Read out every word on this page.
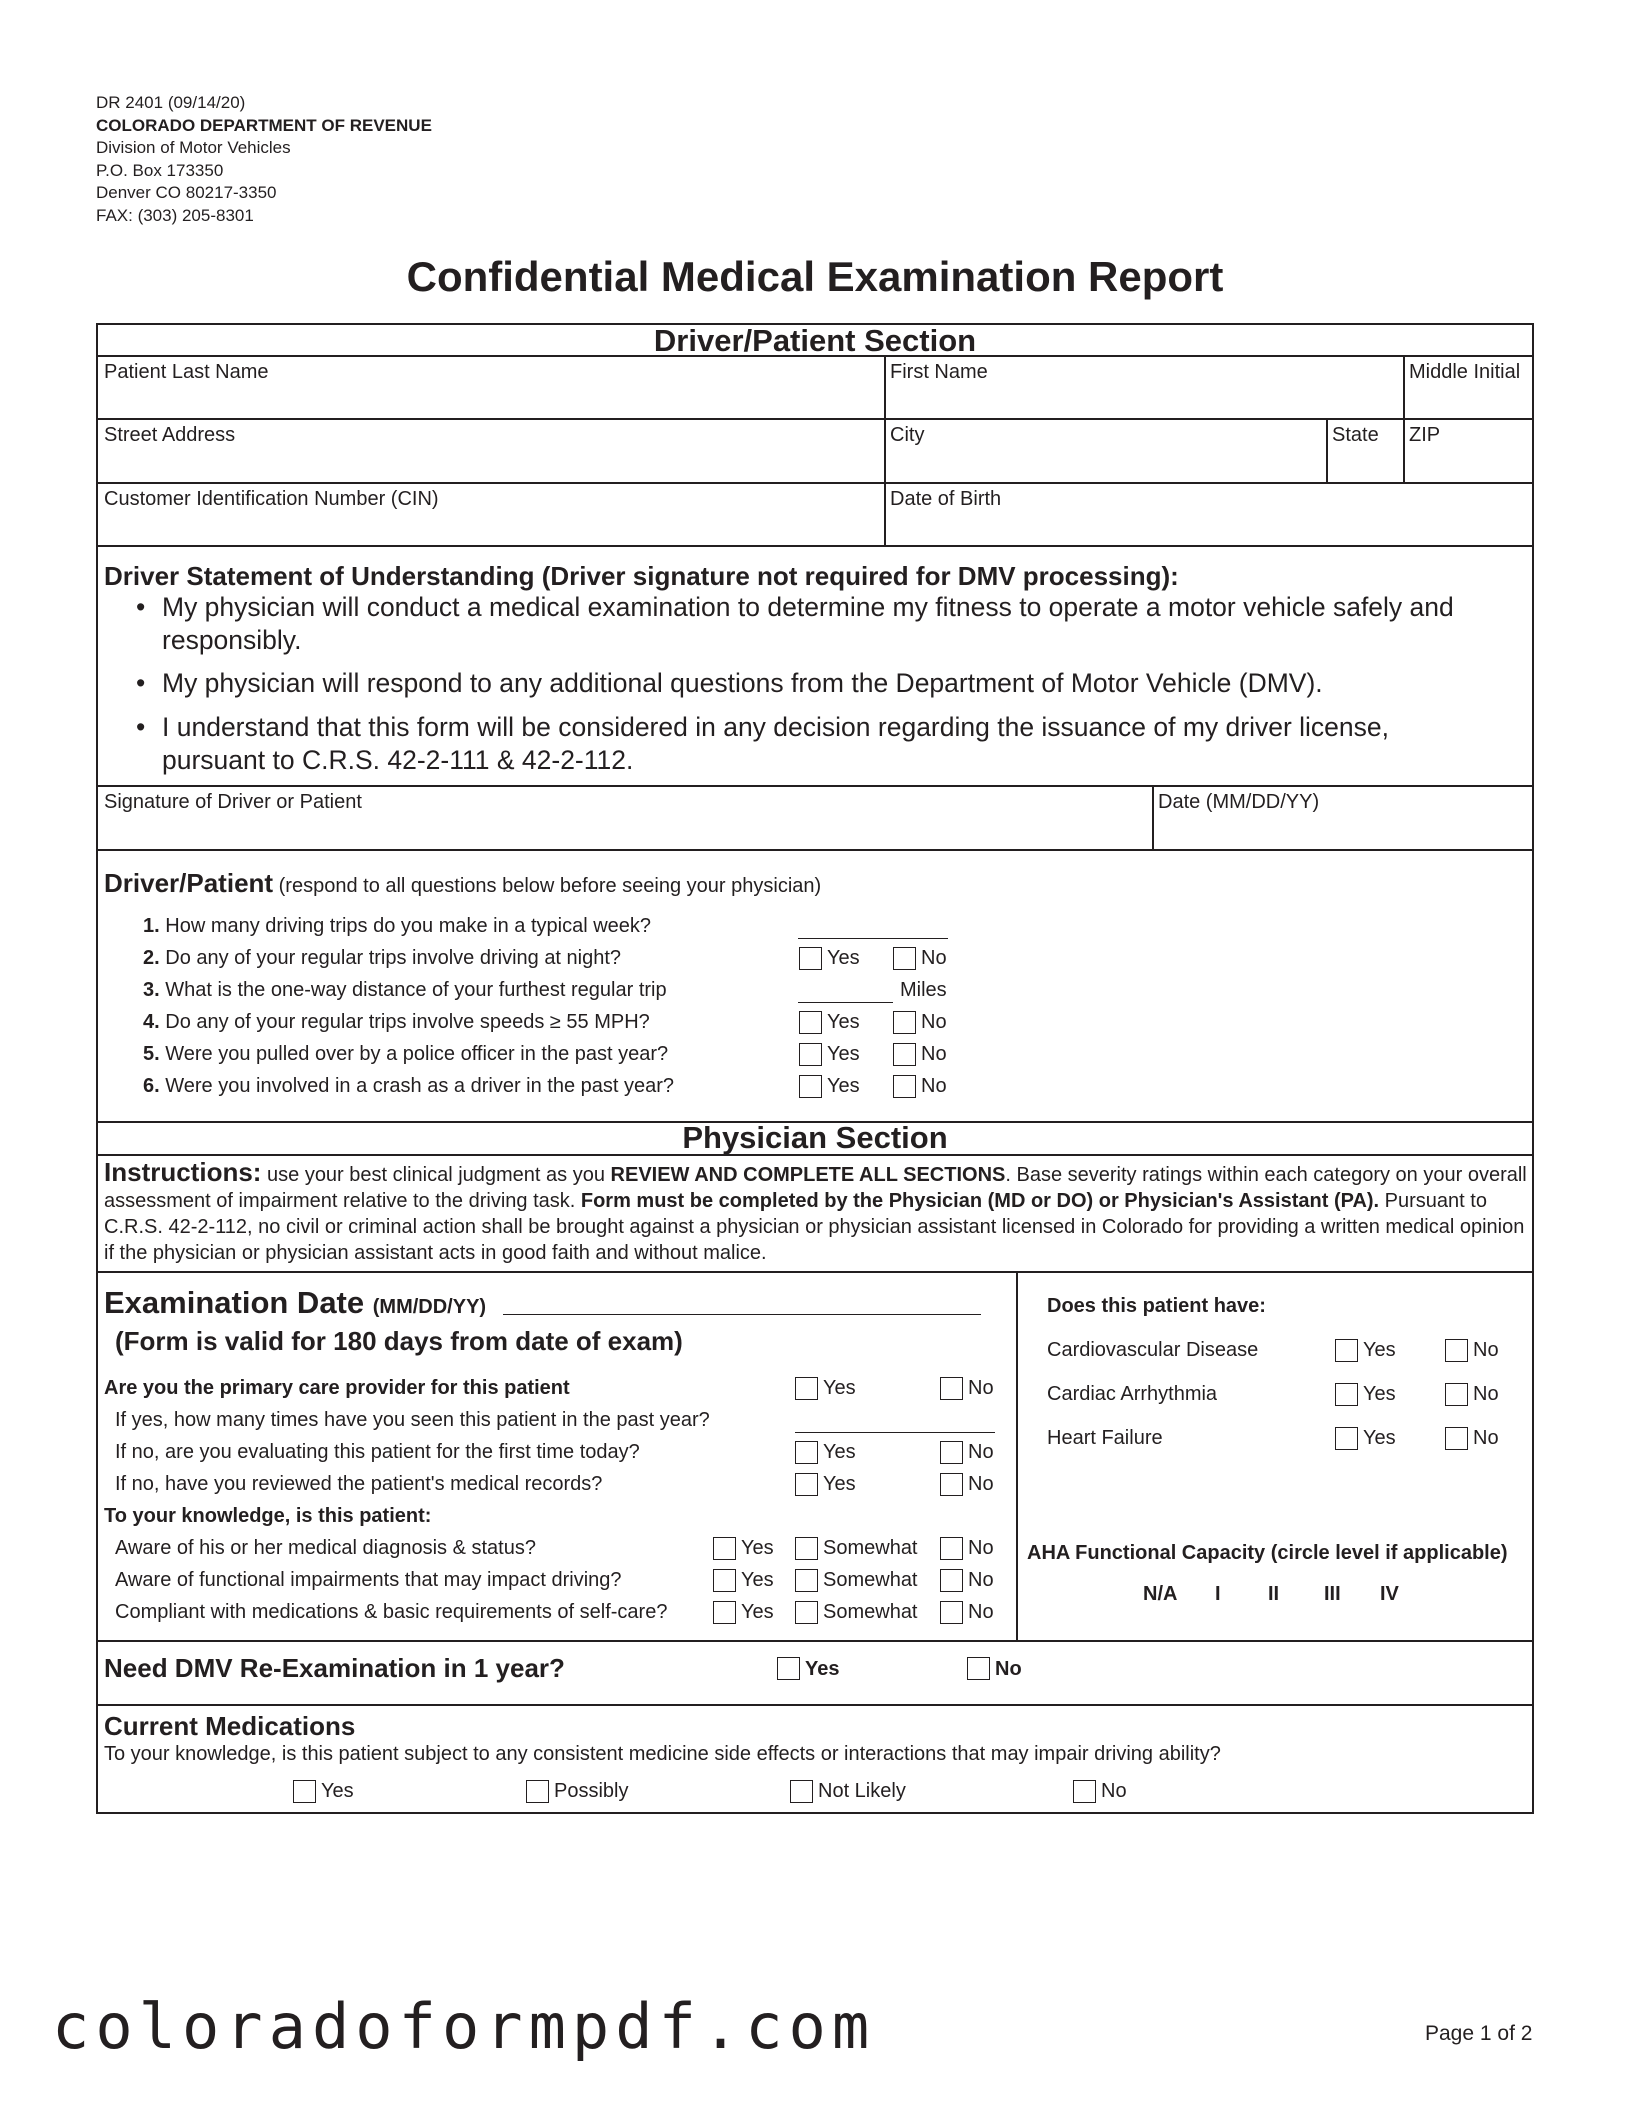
DR 2401 (09/14/20)
COLORADO DEPARTMENT OF REVENUE
Division of Motor Vehicles
P.O. Box 173350
Denver CO 80217-3350
FAX: (303) 205-8301
Confidential Medical Examination Report
Driver/Patient Section
Patient Last Name	First Name	Middle Initial
Street Address	City	State ZIP
Customer Identification Number (CIN)	Date of Birth
Driver Statement of Understanding (Driver signature not required for DMV processing):
• My physician will conduct a medical examination to determine my fitness to operate a motor vehicle safely and responsibly.
• My physician will respond to any additional questions from the Department of Motor Vehicle (DMV).
• I understand that this form will be considered in any decision regarding the issuance of my driver license, pursuant to C.R.S. 42-2-111 & 42-2-112.
Signature of Driver or Patient	Date (MM/DD/YY)
Driver/Patient (respond to all questions below before seeing your physician)
1. How many driving trips do you make in a typical week?
2. Do any of your regular trips involve driving at night?	Yes	No
3. What is the one-way distance of your furthest regular trip	Miles
4. Do any of your regular trips involve speeds ≥ 55 MPH?	Yes	No
5. Were you pulled over by a police officer in the past year?	Yes	No
6. Were you involved in a crash as a driver in the past year?	Yes	No
Physician Section
Instructions: use your best clinical judgment as you REVIEW AND COMPLETE ALL SECTIONS. Base severity ratings within each category on your overall assessment of impairment relative to the driving task. Form must be completed by the Physician (MD or DO) or Physician's Assistant (PA). Pursuant to C.R.S. 42-2-112, no civil or criminal action shall be brought against a physician or physician assistant licensed in Colorado for providing a written medical opinion if the physician or physician assistant acts in good faith and without malice.
Examination Date (MM/DD/YY)
(Form is valid for 180 days from date of exam)
Are you the primary care provider for this patient	Yes	No
If yes, how many times have you seen this patient in the past year?
If no, are you evaluating this patient for the first time today?	Yes	No
If no, have you reviewed the patient's medical records?	Yes	No
To your knowledge, is this patient:
Aware of his or her medical diagnosis & status?	Yes Somewhat	No
Aware of functional impairments that may impact driving?	Yes Somewhat	No
Compliant with medications & basic requirements of self-care?	Yes Somewhat	No
Does this patient have:
Cardiovascular Disease	Yes	No
Cardiac Arrhythmia	Yes	No
Heart Failure	Yes	No
AHA Functional Capacity (circle level if applicable)
N/A I II III IV
Need DMV Re-Examination in 1 year?	Yes	No
Current Medications
To your knowledge, is this patient subject to any consistent medicine side effects or interactions that may impair driving ability?
Yes	Possibly	Not Likely	No
coloradoformpdf.com	Page 1 of 2
